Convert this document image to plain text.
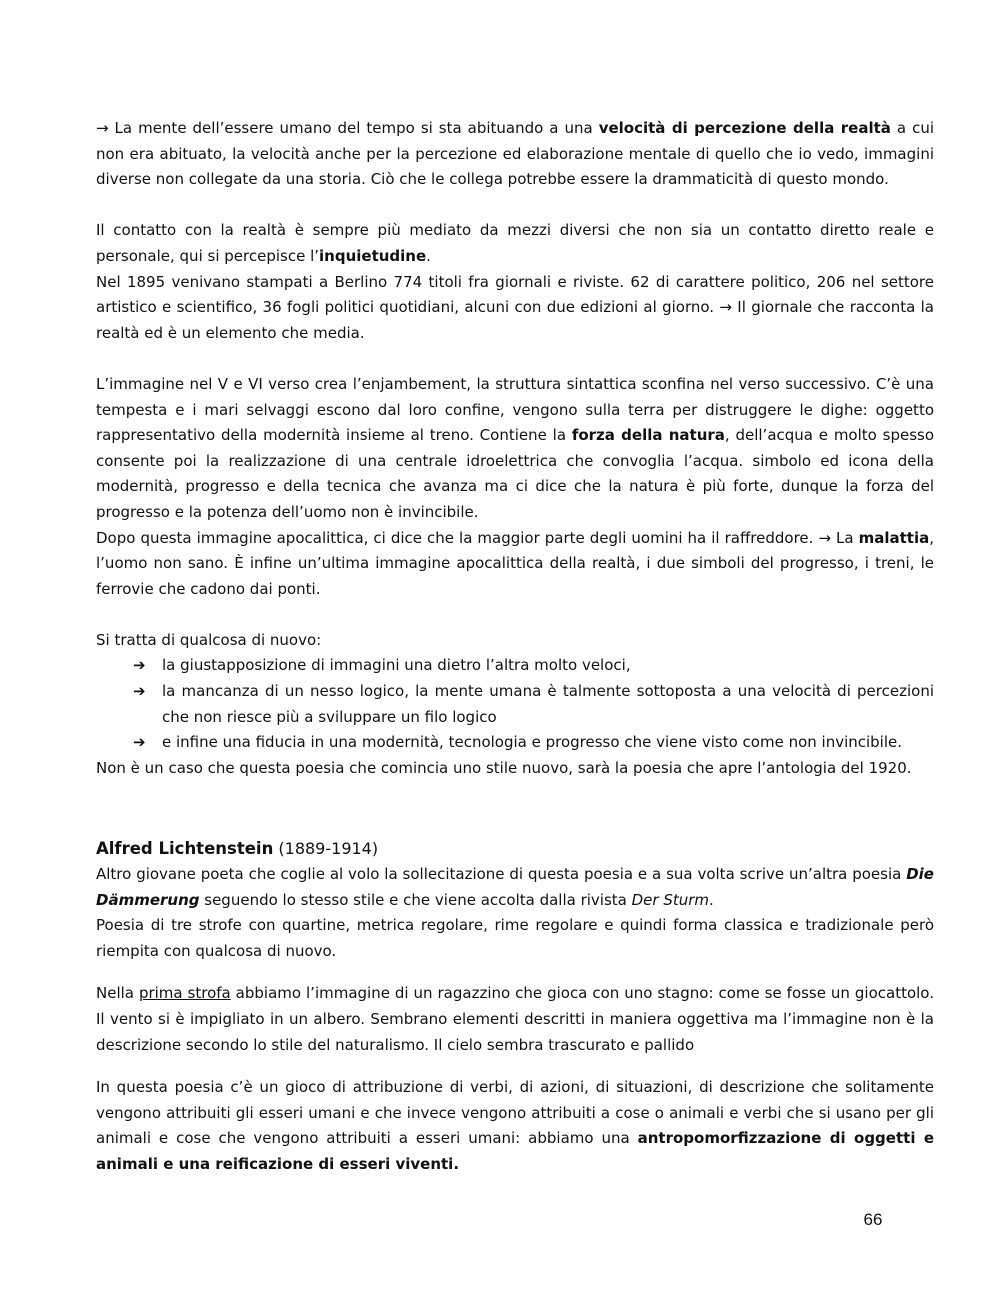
→ La mente dell’essere umano del tempo si sta abituando a una velocità di percezione della realtà a cui non era abituato, la velocità anche per la percezione ed elaborazione mentale di quello che io vedo, immagini diverse non collegate da una storia. Ciò che le collega potrebbe essere la drammaticità di questo mondo.

Il contatto con la realtà è sempre più mediato da mezzi diversi che non sia un contatto diretto reale e personale, qui si percepisce l’inquietudine.

Nel 1895 venivano stampati a Berlino 774 titoli fra giornali e riviste. 62 di carattere politico, 206 nel settore artistico e scientifico, 36 fogli politici quotidiani, alcuni con due edizioni al giorno. → Il giornale che racconta la realtà ed è un elemento che media.

L’immagine nel V e VI verso crea l’enjambement, la struttura sintattica sconfina nel verso successivo. C’è una tempesta e i mari selvaggi escono dal loro confine, vengono sulla terra per distruggere le dighe: oggetto rappresentativo della modernità insieme al treno. Contiene la forza della natura, dell’acqua e molto spesso consente poi la realizzazione di una centrale idroelettrica che convoglia l’acqua. simbolo ed icona della modernità, progresso e della tecnica che avanza ma ci dice che la natura è più forte, dunque la forza del progresso e la potenza dell’uomo non è invincibile.

Dopo questa immagine apocalittica, ci dice che la maggior parte degli uomini ha il raffreddore. → La malattia, l’uomo non sano. È infine un’ultima immagine apocalittica della realtà, i due simboli del progresso, i treni, le ferrovie che cadono dai ponti.

Si tratta di qualcosa di nuovo:

➔ la giustapposizione di immagini una dietro l’altra molto veloci,
➔ la mancanza di un nesso logico, la mente umana è talmente sottoposta a una velocità di percezioni che non riesce più a sviluppare un filo logico
➔ e infine una fiducia in una modernità, tecnologia e progresso che viene visto come non invincibile.

Non è un caso che questa poesia che comincia uno stile nuovo, sarà la poesia che apre l’antologia del 1920.

Alfred Lichtenstein (1889-1914)

Altro giovane poeta che coglie al volo la sollecitazione di questa poesia e a sua volta scrive un’altra poesia Die Dämmerung seguendo lo stesso stile e che viene accolta dalla rivista Der Sturm.

Poesia di tre strofe con quartine, metrica regolare, rime regolare e quindi forma classica e tradizionale però riempita con qualcosa di nuovo.

Nella prima strofa abbiamo l’immagine di un ragazzino che gioca con uno stagno: come se fosse un giocattolo. Il vento si è impigliato in un albero. Sembrano elementi descritti in maniera oggettiva ma l’immagine non è la descrizione secondo lo stile del naturalismo. Il cielo sembra trascurato e pallido

In questa poesia c’è un gioco di attribuzione di verbi, di azioni, di situazioni, di descrizione che solitamente vengono attribuiti gli esseri umani e che invece vengono attribuiti a cose o animali e verbi che si usano per gli animali e cose che vengono attribuiti a esseri umani: abbiamo una antropomorfizzazione di oggetti e animali e una reificazione di esseri viventi.

66
